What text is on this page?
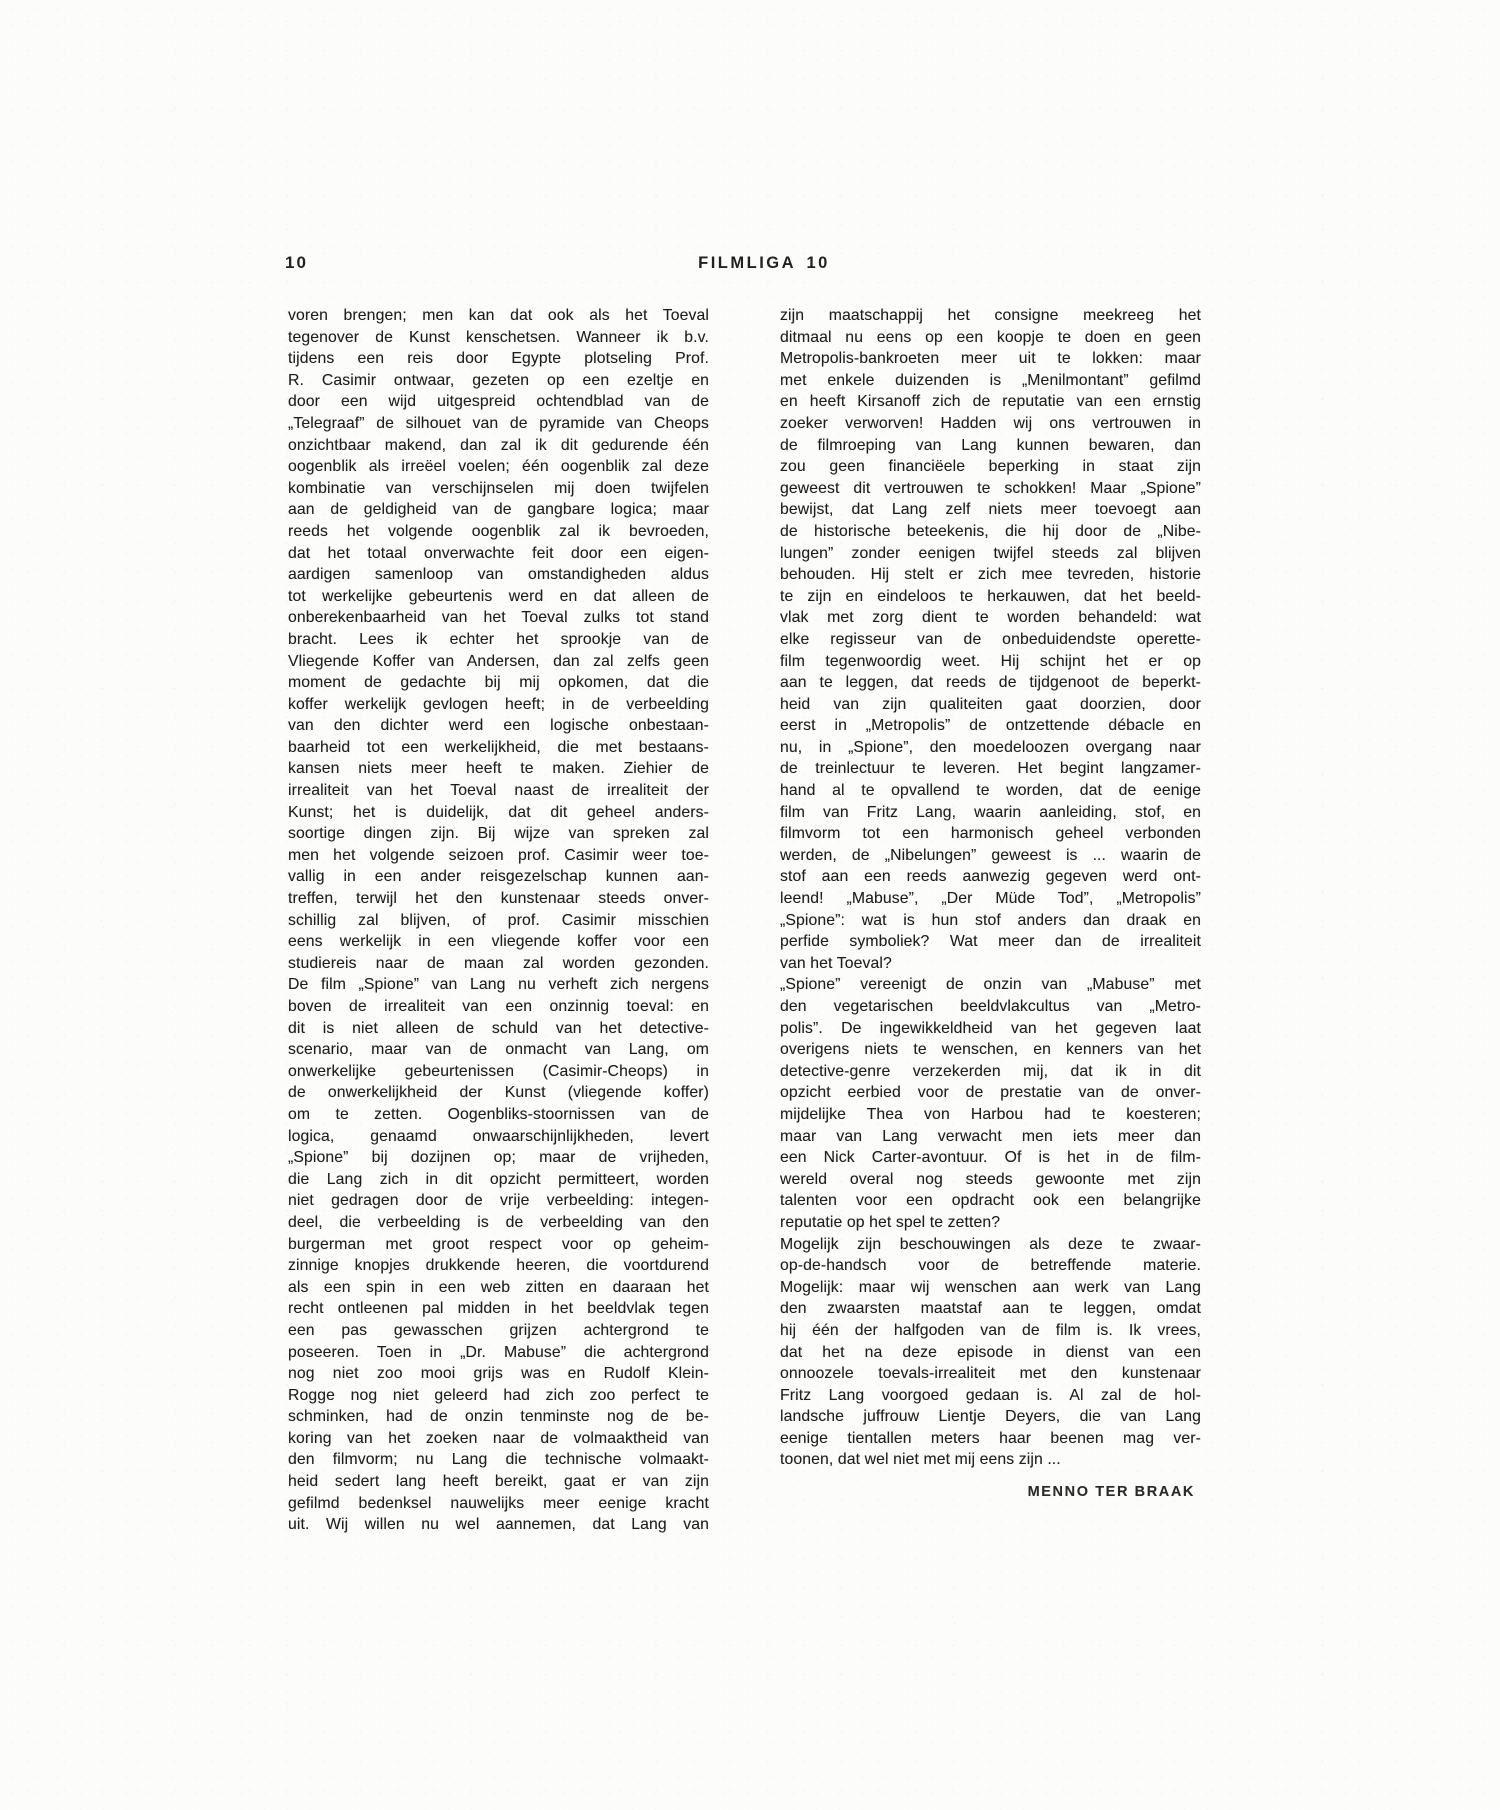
10	FILMLIGA 10
voren brengen; men kan dat ook als het Toeval
tegenover de Kunst kenschetsen. Wanneer ik b.v.
tijdens een reis door Egypte plotseling Prof.
R. Casimir ontwaar, gezeten op een ezeltje en
door een wijd uitgespreid ochtendblad van de
„Telegraaf” de silhouet van de pyramide van Cheops
onzichtbaar makend, dan zal ik dit gedurende één
oogenblik als irreëel voelen; één oogenblik zal deze
kombinatie van verschijnselen mij doen twijfelen
aan de geldigheid van de gangbare logica; maar
reeds het volgende oogenblik zal ik bevroeden,
dat het totaal onverwachte feit door een eigen-
aardigen samenloop van omstandigheden aldus
tot werkelijke gebeurtenis werd en dat alleen de
onberekenbaarheid van het Toeval zulks tot stand
bracht. Lees ik echter het sprookje van de
Vliegende Koffer van Andersen, dan zal zelfs geen
moment de gedachte bij mij opkomen, dat die
koffer werkelijk gevlogen heeft; in de verbeelding
van den dichter werd een logische onbestaan-
baarheid tot een werkelijkheid, die met bestaans-
kansen niets meer heeft te maken. Ziehier de
irrealiteit van het Toeval naast de irrealiteit der
Kunst; het is duidelijk, dat dit geheel anders-
soortige dingen zijn. Bij wijze van spreken zal
men het volgende seizoen prof. Casimir weer toe-
vallig in een ander reisgezelschap kunnen aan-
treffen, terwijl het den kunstenaar steeds onver-
schillig zal blijven, of prof. Casimir misschien
eens werkelijk in een vliegende koffer voor een
studiereis naar de maan zal worden gezonden.
De film „Spione” van Lang nu verheft zich nergens
boven de irrealiteit van een onzinnig toeval: en
dit is niet alleen de schuld van het detective-
scenario, maar van de onmacht van Lang, om
onwerkelijke gebeurtenissen (Casimir-Cheops) in
de onwerkelijkheid der Kunst (vliegende koffer)
om te zetten. Oogenbliks-stoornissen van de
logica, genaamd onwaarschijnlijkheden, levert
„Spione” bij dozijnen op; maar de vrijheden,
die Lang zich in dit opzicht permitteert, worden
niet gedragen door de vrije verbeelding: integen-
deel, die verbeelding is de verbeelding van den
burgerman met groot respect voor op geheim-
zinnige knopjes drukkende heeren, die voortdurend
als een spin in een web zitten en daaraan het
recht ontleenen pal midden in het beeldvlak tegen
een pas gewasschen grijzen achtergrond te
poseeren. Toen in „Dr. Mabuse” die achtergrond
nog niet zoo mooi grijs was en Rudolf Klein-
Rogge nog niet geleerd had zich zoo perfect te
schminken, had de onzin tenminste nog de be-
koring van het zoeken naar de volmaaktheid van
den filmvorm; nu Lang die technische volmaakt-
heid sedert lang heeft bereikt, gaat er van zijn
gefilmd bedenksel nauwelijks meer eenige kracht
uit. Wij willen nu wel aannemen, dat Lang van
zijn maatschappij het consigne meekreeg het
ditmaal nu eens op een koopje te doen en geen
Metropolis-bankroeten meer uit te lokken: maar
met enkele duizenden is „Menilmontant” gefilmd
en heeft Kirsanoff zich de reputatie van een ernstig
zoeker verworven! Hadden wij ons vertrouwen in
de filmroeping van Lang kunnen bewaren, dan
zou geen financiëele beperking in staat zijn
geweest dit vertrouwen te schokken! Maar „Spione”
bewijst, dat Lang zelf niets meer toevoegt aan
de historische beteekenis, die hij door de „Nibe-
lungen” zonder eenigen twijfel steeds zal blijven
behouden. Hij stelt er zich mee tevreden, historie
te zijn en eindeloos te herkauwen, dat het beeld-
vlak met zorg dient te worden behandeld: wat
elke regisseur van de onbeduidendste operette-
film tegenwoordig weet. Hij schijnt het er op
aan te leggen, dat reeds de tijdgenoot de beperkt-
heid van zijn qualiteiten gaat doorzien, door
eerst in „Metropolis” de ontzettende débacle en
nu, in „Spione”, den moedeloozen overgang naar
de treinlectuur te leveren. Het begint langzamer-
hand al te opvallend te worden, dat de eenige
film van Fritz Lang, waarin aanleiding, stof, en
filmvorm tot een harmonisch geheel verbonden
werden, de „Nibelungen” geweest is ... waarin de
stof aan een reeds aanwezig gegeven werd ont-
leend! „Mabuse”, „Der Müde Tod”, „Metropolis”
„Spione”: wat is hun stof anders dan draak en
perfide symboliek? Wat meer dan de irrealiteit
van het Toeval?
„Spione” vereenigt de onzin van „Mabuse” met
den vegetarischen beeldvlakcultus van „Metro-
polis”. De ingewikkeldheid van het gegeven laat
overigens niets te wenschen, en kenners van het
detective-genre verzekerden mij, dat ik in dit
opzicht eerbied voor de prestatie van de onver-
mijdelijke Thea von Harbou had te koesteren;
maar van Lang verwacht men iets meer dan
een Nick Carter-avontuur. Of is het in de film-
wereld overal nog steeds gewoonte met zijn
talenten voor een opdracht ook een belangrijke
reputatie op het spel te zetten?
Mogelijk zijn beschouwingen als deze te zwaar-
op-de-handsch voor de betreffende materie.
Mogelijk: maar wij wenschen aan werk van Lang
den zwaarsten maatstaf aan te leggen, omdat
hij één der halfgoden van de film is. Ik vrees,
dat het na deze episode in dienst van een
onnoozele toevals-irrealiteit met den kunstenaar
Fritz Lang voorgoed gedaan is. Al zal de hol-
landsche juffrouw Lientje Deyers, die van Lang
eenige tientallen meters haar beenen mag ver-
toonen, dat wel niet met mij eens zijn ...
MENNO TER BRAAK
